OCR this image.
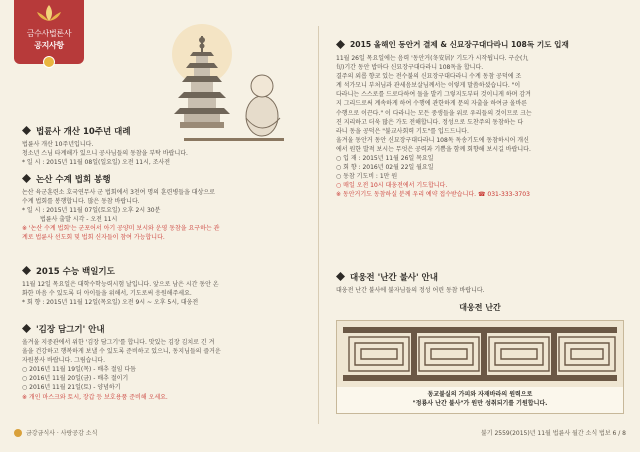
금수사법론사
공지사항
법륜사 개산 10주년 대례
법륜사 개산 10주년입니다.
청소년 스님 타계해가 있으니 공사님들의 동참을 부탁 바랍니다.
* 일 시 : 2015년 11월 08일(일요일) 오전 11시, 조사전
논산 수계 법회 봉행
논산 육군훈련소 호국연무사 군 법회에서 3천여 명의 훈련병들을 대상으로
수계 법회를 봉행합니다. 많은 동참 바랍니다.
* 일 시 : 2015년 11월 07일(토요일) 오후 2시 30분
법륜사 출발 시각 - 오전 11시
※ '논산 수계 법회'는 군포어서 아기 공양미 보시와 운영 동참을 요구하는 관
계로 법륜사 선도회 및 법회 신자들이 참여 가능합니다.
2015 수능 백일기도
11월 12일 목요일은 대학수학능력시험 날입니다. 앞으로 남은 시간 동안 온
화한 마음 수 있도록 더 아이들을 위해서, 기도로써 응원해주세요.
* 회 향 : 2015년 11월 12일(목요일) 오전 9시 ~ 오후 5시, 대웅전
'김장 담그기' 안내
올겨울 지중관에서 위한 '김장 담그기'를 합니다. 맛있는 김장 김치로 긴 겨
울을 건강하고 행복하게 보낼 수 있도록 준비하고 있으니, 동지님들의 즐거운
자원봉사 바랍니다. 그림습니다.
○ 2016년 11월 19일(목) - 배추 절임 다듬
○ 2016년 11월 20일(금) - 배추 절이기
○ 2016년 11월 21일(토) - 양념하기
※ 개인 마스크와 토시, 장갑 등 보호용품 준비해 오세요.
2015 올해인 동안거 결제 & 신묘장구대다라니 108독 기도 입재
11월 26일 목요일에는 음력 '동안거(冬安居)' 기도가 시작됩니다. 구순(九
旬)기간 동안 밥마다 신묘장구대다라니 108독을 합니다.
결주의 외롭 향코 있는 전수불의 신묘장구대다라니 수계 동참 공덕에 조
계 석가모니 부처님과 관세음보살님께서는 이렇게 말씀하셨습니다. "이
다라니는 스스로를 드로다하여 돌을 발키 그렇지도부터 것이니게 하며 감겨
지 그리드로써 계속하게 하여 수행에 관한하게 문의 자출을 하여금 올바른
수행으로 이끈다." 이 다라니는 모든 중생들을 위로 우리들의 것이므로 크는
진 지리하고 더욱 많은 가도 전해합니다. 정성으로 도찬주의 동참하는 다
라니 동을 공덕은 "불교사회력 기도"를 입드드니다.
울겨울 동안거 동안 신묘장구대다라니 108독 독송기도에 동참하시어 개신
에서 원한 발적 보시는 무엇은 공력과 기쁨을 함께 회향해 보시길 바랍니다.
○ 입 재 : 2015년 11월 26일 목요일
○ 회 향 : 2016년 02월 22일 월요일
○ 동참 기도비 : 1만 원
○ 매일 오전 10시 대웅전에서 기도합니다.
※ 동안거기도 동참하실 분께 우리 예약 접수받습니다. ☎ 031-333-3703
대웅전 '난간 불사' 안내
대웅전 난간 불사에 불자님들의 정성 어린 동참 바랍니다.
대웅전 난간
동교불실의 가피와 자재바라의 원력으로
"정룡사 난간 불사"가 원만 성취되기를 기원합니다.
금강금식사 · 사랑공감 소식	불기 2559(2015)년 11월 법륜사 월간 소식 법보 6 / 8
